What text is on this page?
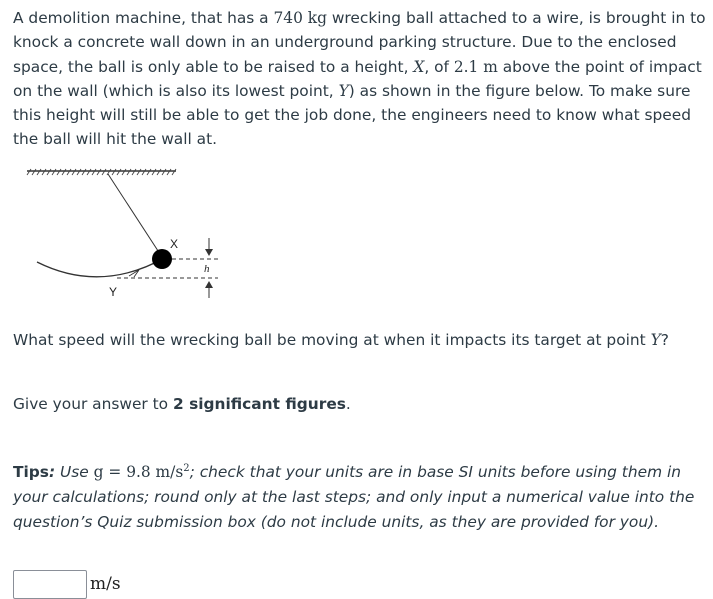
A demolition machine, that has a 740 kg wrecking ball attached to a wire, is brought in to knock a concrete wall down in an underground parking structure. Due to the enclosed space, the ball is only able to be raised to a height, X, of 2.1 m above the point of impact on the wall (which is also its lowest point, Y) as shown in the figure below. To make sure this height will still be able to get the job done, the engineers need to know what speed the ball will hit the wall at.

X
Y
h

What speed will the wrecking ball be moving at when it impacts its target at point Y?

Give your answer to 2 significant figures.

Tips: Use g = 9.8 $m/s^2$; check that your units are in base SI units before using them in your calculations; round only at the last steps; and only input a numerical value into the question’s Quiz submission box (do not include units, as they are provided for you).

m/s
